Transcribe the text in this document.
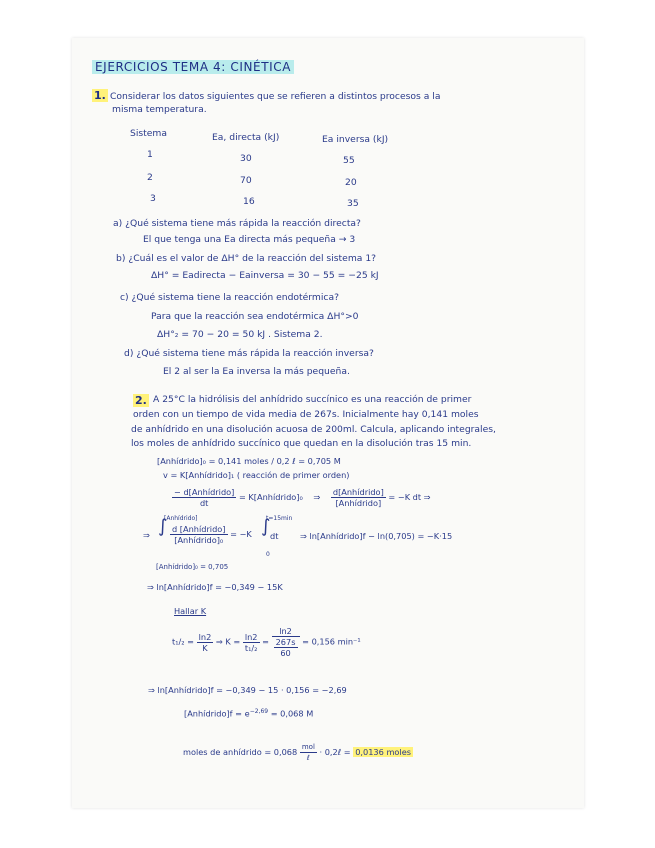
EJERCICIOS TEMA 4: CINÉTICA
1. Considerar los datos siguientes que se refieren a distintos procesos a la
misma temperatura.
Sistema	Ea, directa (kJ)	Ea inversa (kJ)
1	30	55
2	70	20
3	16	35
a) ¿Qué sistema tiene más rápida la reacción directa?
El que tenga una Ea directa más pequeña → 3
b) ¿Cuál es el valor de ΔH° de la reacción del sistema 1?
ΔH° = Eadirecta − Eainversa = 30 − 55 = −25 kJ
c) ¿Qué sistema tiene la reacción endotérmica?
Para que la reacción sea endotérmica ΔH°>0
ΔH°₂ = 70 − 20 = 50 kJ . Sistema 2.
d) ¿Qué sistema tiene más rápida la reacción inversa?
El 2 al ser la Ea inversa la más pequeña.
2. A 25°C la hidrólisis del anhídrido succínico es una reacción de primer
orden con un tiempo de vida media de 267s. Inicialmente hay 0,141 moles
de anhídrido en una disolución acuosa de 200ml. Calcula, aplicando integrales,
los moles de anhídrido succínico que quedan en la disolución tras 15 min.
[Anhídrido]₀ = 0,141 moles / 0,2 ℓ = 0,705 M
v = K[Anhídrido]₁ ( reacción de primer orden)
$\frac{\text{− d[Anhídrido]}}{dt}$ = K[Anhídrido]₀ ⇒ $\frac{\text{d[Anhídrido]}}{\text{[Anhídrido]}} = -K$ dt ⇒
⇒ ∫
[Anhídrido]
$\frac{\text{d [Anhídrido]}}{\text{[Anhídrido]₀}} = -K$ ∫
t=15min
0
dt	⇒ ln[Anhídrido]f − ln(0,705) = −K·15
[Anhídrido]₀ = 0,705
⇒ ln[Anhídrido]f = −0,349 − 15K
Hallar K
$t_1/_2 = \frac{\ln 2}{K}$ ⇒ $K = \frac{\ln 2}{\text{t₁/₂}} = \frac{\ln 2}{\frac{267s}{60}} = 0,156$ min⁻¹
⇒ ln[Anhídrido]f = −0,349 − 15 · 0,156 = −2,69
[Anhídrido]f = $e^{-2,69} = 0,068$ M
moles de anhídrido = $0,068 \frac{\text{mol}}{\text{ℓ}}$ · 0,2ℓ = 0,0136 moles
